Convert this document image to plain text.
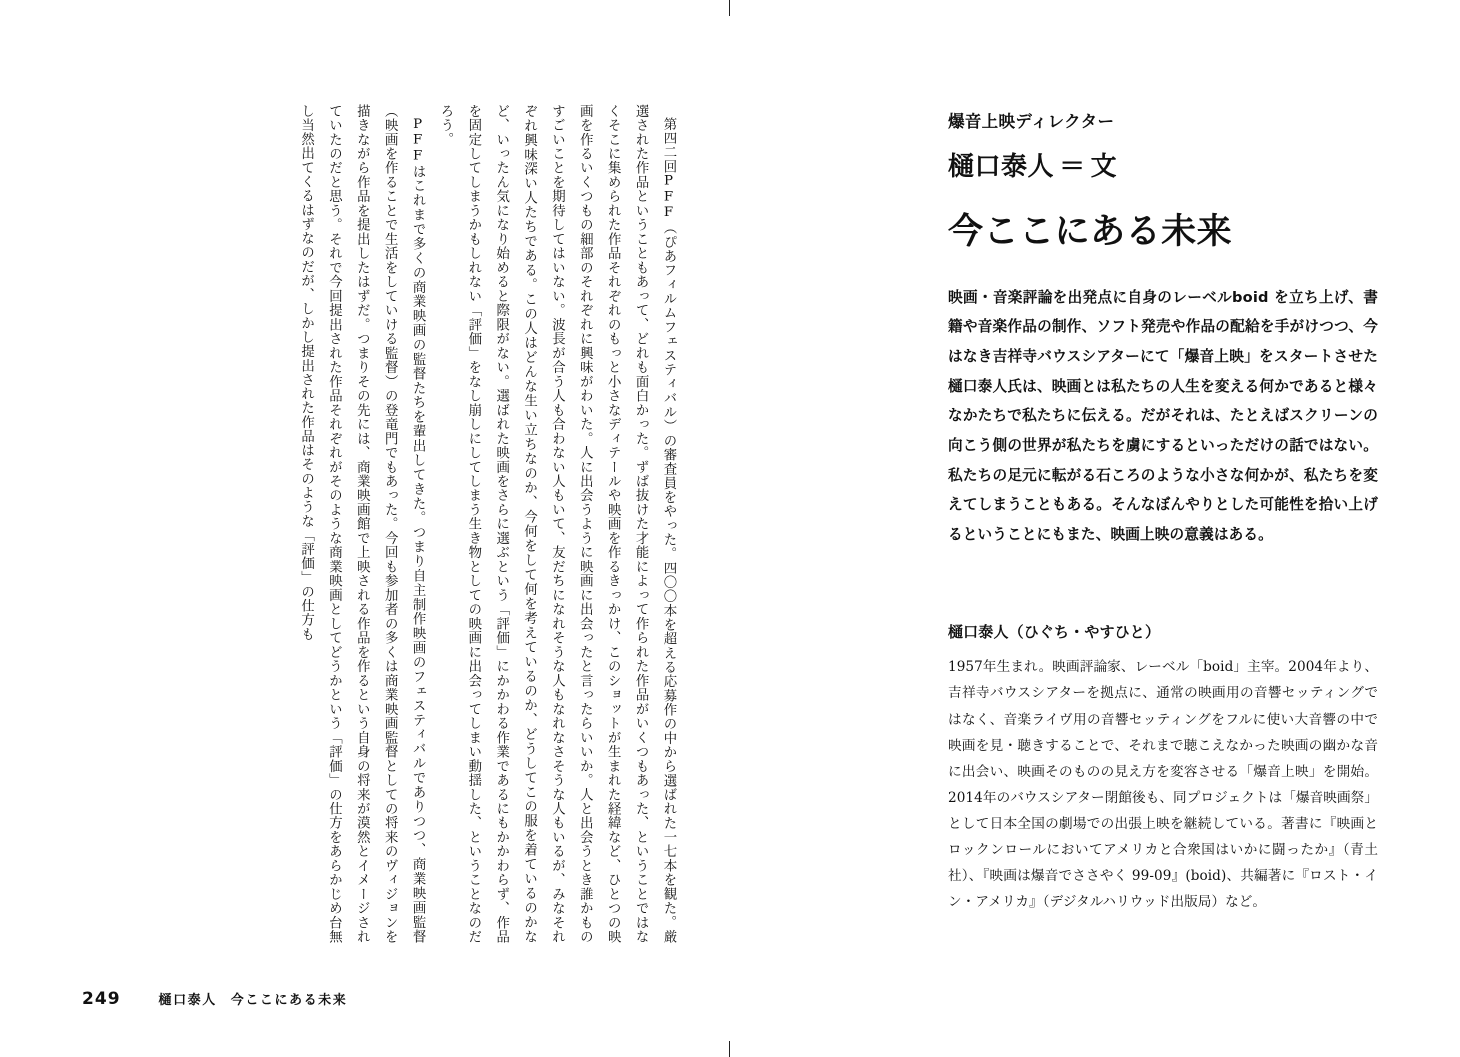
第四二回PFF（ぴあフィルムフェスティバル）の審査員をやった。四〇〇本を超える応募作の中から選ばれた一七本を観た。厳選された作品ということもあって、どれも面白かった。ずば抜けた才能によって作られた作品がいくつもあった、ということではなくそこに集められた作品それぞれのもっと小さなディテールや映画を作るきっかけ、このショットが生まれた経緯など、ひとつの映画を作るいくつもの細部のそれぞれに興味がわいた。人に出会うように映画に出会ったと言ったらいいか。人と出会うとき誰かものすごいことを期待してはいない。波長が合う人も合わない人もいて、友だちになれそうな人もなれなさそうな人もいるが、みなそれぞれ興味深い人たちである。この人はどんな生い立ちなのか、今何をして何を考えているのか、どうしてこの服を着ているのかなど、いったん気になり始めると際限がない。選ばれた映画をさらに選ぶという「評価」にかかわる作業であるにもかかわらず、作品を固定してしまうかもしれない「評価」をなし崩しにしてしまう生き物としての映画に出会ってしまい動揺した、ということなのだろう。

PFFはこれまで多くの商業映画の監督たちを輩出してきた。つまり自主制作映画のフェスティバルでありつつ、商業映画監督（映画を作ることで生活をしていける監督）の登竜門でもあった。今回も参加者の多くは商業映画監督としての将来のヴィジョンを描きながら作品を提出したはずだ。つまりその先には、商業映画館で上映される作品を作るという自身の将来が漠然とイメージされていたのだと思う。それで今回提出された作品それぞれがそのような商業映画としてどうかという「評価」の仕方をあらかじめ台無し当然出てくるはずなのだが、しかし提出された作品はそのような「評価」の仕方も

249	樋口泰人 今ここにある未来

爆音上映ディレクター

樋口泰人 ＝ 文

今ここにある未来

映画・音楽評論を出発点に自身のレーベルboid を立ち上げ、書籍や音楽作品の制作、ソフト発売や作品の配給を手がけつつ、今はなき吉祥寺バウスシアターにて「爆音上映」をスタートさせた樋口泰人氏は、映画とは私たちの人生を変える何かであると様々なかたちで私たちに伝える。だがそれは、たとえばスクリーンの向こう側の世界が私たちを虜にするといっただけの話ではない。私たちの足元に転がる石ころのような小さな何かが、私たちを変えてしまうこともある。そんなぼんやりとした可能性を拾い上げるということにもまた、映画上映の意義はある。

樋口泰人（ひぐち・やすひと）

1957年生まれ。映画評論家、レーベル「boid」主宰。2004年より、吉祥寺バウスシアターを拠点に、通常の映画用の音響セッティングではなく、音楽ライヴ用の音響セッティングをフルに使い大音響の中で映画を見・聴きすることで、それまで聴こえなかった映画の幽かな音に出会い、映画そのものの見え方を変容させる「爆音上映」を開始。2014年のバウスシアター閉館後も、同プロジェクトは「爆音映画祭」として日本全国の劇場での出張上映を継続している。著書に『映画とロックンロールにおいてアメリカと合衆国はいかに闘ったか』（青土社）、『映画は爆音でささやく 99-09』(boid)、共編著に『ロスト・イン・アメリカ』（デジタルハリウッド出版局）など。
